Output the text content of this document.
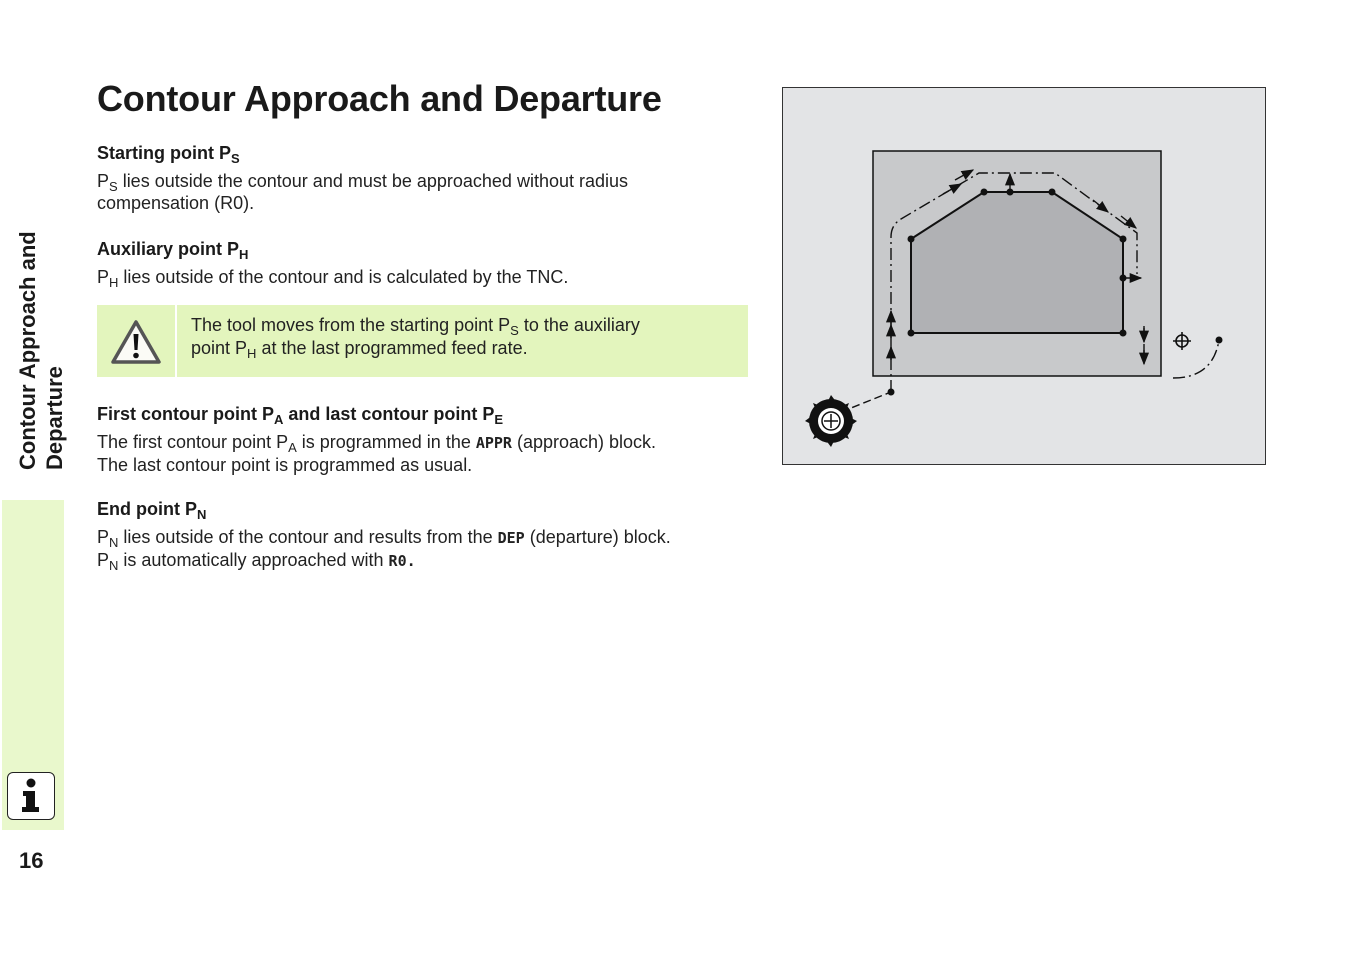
Contour Approach and Departure
16
Contour Approach and Departure

Starting point $P_S$

$P_S$ lies outside the contour and must be approached without radius
compensation (R0).

Auxiliary point $P_H$

$P_H$ lies outside of the contour and is calculated by the TNC.

The tool moves from the starting point $P_S$ to the auxiliary
point $P_H$ at the last programmed feed rate.

First contour point $P_A$ and last contour point $P_E$

The first contour point $P_A$ is programmed in the APPR (approach) block.
The last contour point is programmed as usual.

End point $P_N$

$P_N$ lies outside of the contour and results from the DEP (departure) block.
$P_N$ is automatically approached with R0.
